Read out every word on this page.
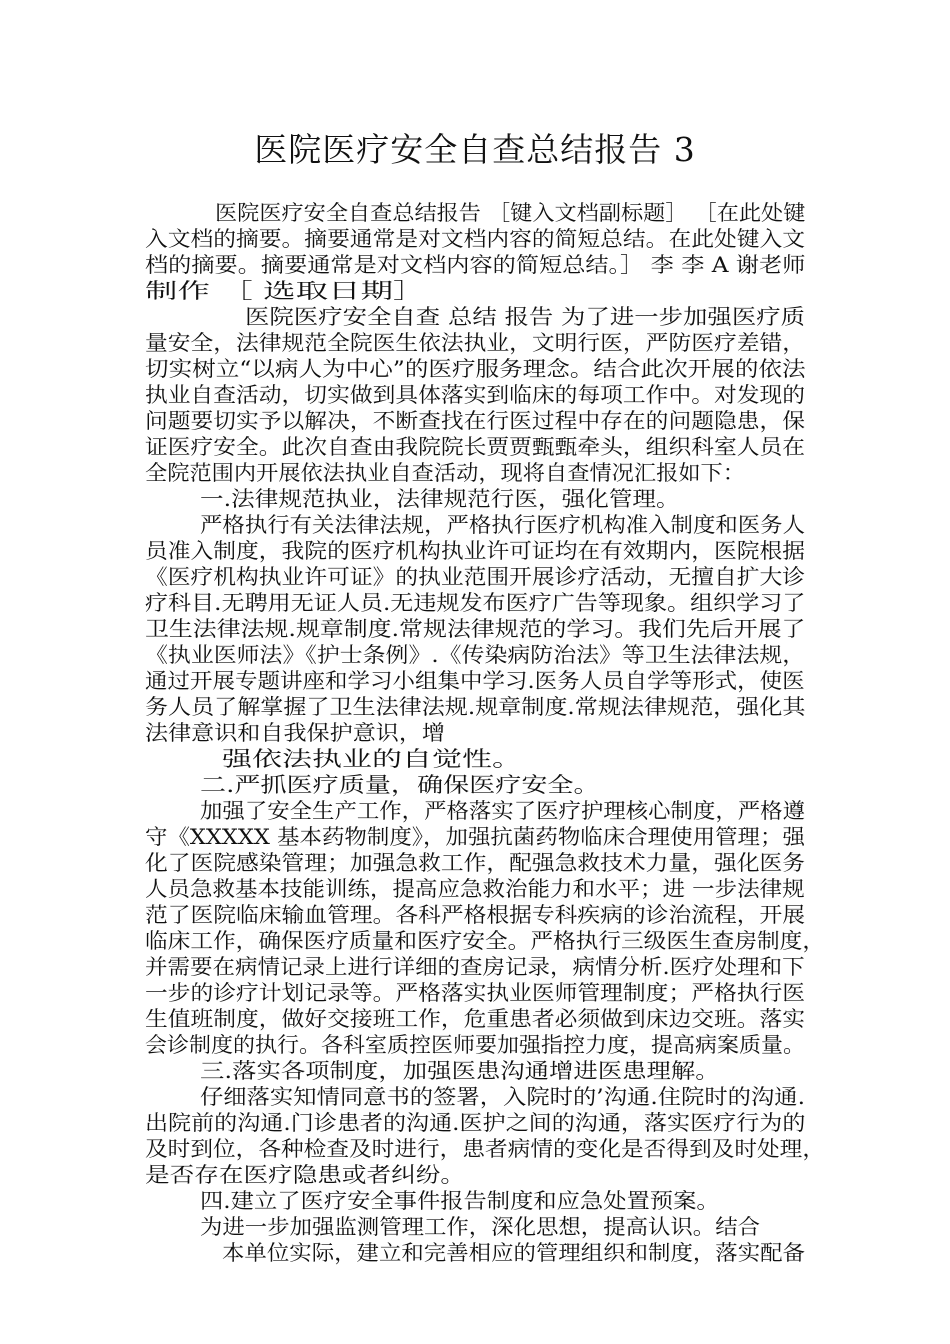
医院医疗安全自查总结报告 3
医院医疗安全自查总结报告 ［键入文档副标题］ ［在此处键
入文档的摘要。摘要通常是对文档内容的简短总结。在此处键入文
档的摘要。摘要通常是对文档内容的简短总结。］ 李 李 A 谢老师
制作 ［ 选取日期］
医院医疗安全自查 总结 报告 为了进一步加强医疗质
量安全，法律规范全院医生依法执业，文明行医，严防医疗差错，
切实树立“以病人为中心”的医疗服务理念。结合此次开展的依法
执业自查活动，切实做到具体落实到临床的每项工作中。对发现的
问题要切实予以解决，不断查找在行医过程中存在的问题隐患，保
证医疗安全。此次自查由我院院长贾贾甄甄牵头，组织科室人员在
全院范围内开展依法执业自查活动，现将自查情况汇报如下：
一.法律规范执业，法律规范行医，强化管理。
严格执行有关法律法规，严格执行医疗机构准入制度和医务人
员准入制度，我院的医疗机构执业许可证均在有效期内，医院根据
《医疗机构执业许可证》的执业范围开展诊疗活动，无擅自扩大诊
疗科目.无聘用无证人员.无违规发布医疗广告等现象。组织学习了
卫生法律法规.规章制度.常规法律规范的学习。我们先后开展了
《执业医师法》《护士条例》.《传染病防治法》等卫生法律法规，
通过开展专题讲座和学习小组集中学习.医务人员自学等形式，使医
务人员了解掌握了卫生法律法规.规章制度.常规法律规范，强化其
法律意识和自我保护意识，增
强依法执业的自觉性。
二.严抓医疗质量，确保医疗安全。
加强了安全生产工作，严格落实了医疗护理核心制度，严格遵
守《XXXXX 基本药物制度》，加强抗菌药物临床合理使用管理；强
化了医院感染管理；加强急救工作，配强急救技术力量，强化医务
人员急救基本技能训练，提高应急救治能力和水平；进 一步法律规
范了医院临床输血管理。各科严格根据专科疾病的诊治流程，开展
临床工作，确保医疗质量和医疗安全。严格执行三级医生查房制度，
并需要在病情记录上进行详细的查房记录，病情分析.医疗处理和下
一步的诊疗计划记录等。严格落实执业医师管理制度；严格执行医
生值班制度，做好交接班工作，危重患者必须做到床边交班。落实
会诊制度的执行。各科室质控医师要加强指控力度，提高病案质量。
三.落实各项制度，加强医患沟通增进医患理解。
仔细落实知情同意书的签署，入院时的’沟通.住院时的沟通.
出院前的沟通.门诊患者的沟通.医护之间的沟通，落实医疗行为的
及时到位，各种检查及时进行，患者病情的变化是否得到及时处理，
是否存在医疗隐患或者纠纷。
四.建立了医疗安全事件报告制度和应急处置预案。
为进一步加强监测管理工作，深化思想，提高认识。结合
本单位实际，建立和完善相应的管理组织和制度，落实配备
